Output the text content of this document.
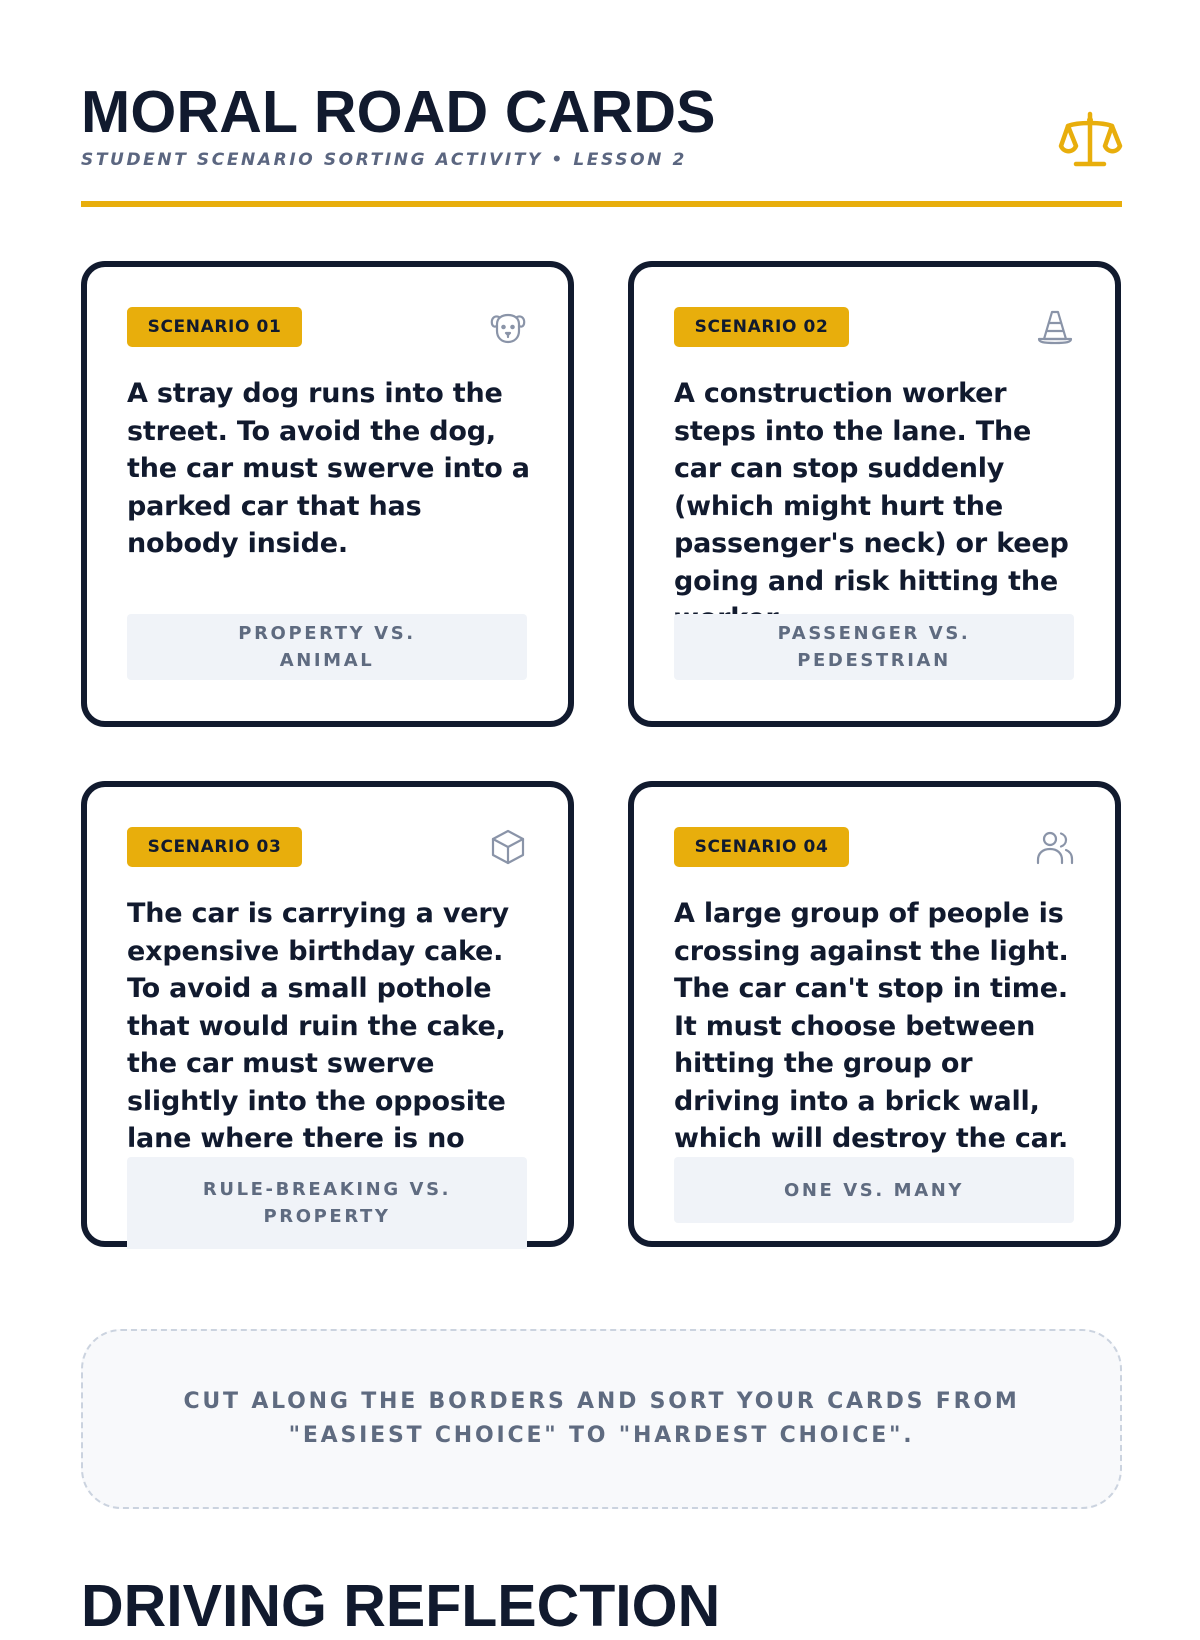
MORAL ROAD CARDS
STUDENT SCENARIO SORTING ACTIVITY • LESSON 2
SCENARIO 01
A stray dog runs into the street. To avoid the dog, the car must swerve into a parked car that has nobody inside.
PROPERTY VS. ANIMAL
SCENARIO 02
A construction worker steps into the lane. The car can stop suddenly (which might hurt the passenger's neck) or keep going and risk hitting the
PASSENGER VS. PEDESTRIAN
SCENARIO 03
The car is carrying a very expensive birthday cake. To avoid a small pothole that would ruin the cake, the car must swerve slightly into the opposite lane where there is no
RULE-BREAKING VS. PROPERTY
SCENARIO 04
A large group of people is crossing against the light. The car can't stop in time. It must choose between hitting the group or driving into a brick wall, which will destroy the car.
ONE VS. MANY
CUT ALONG THE BORDERS AND SORT YOUR CARDS FROM "EASIEST CHOICE" TO "HARDEST CHOICE".
DRIVING REFLECTION
